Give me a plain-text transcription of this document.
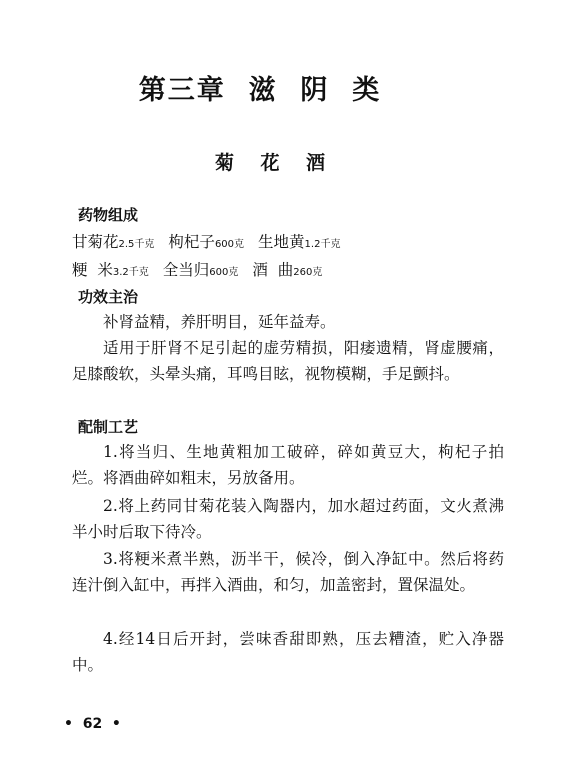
第三章  滋  阴  类
菊    花    酒
药物组成
甘菊花2.5千克 枸杞子600克 生地黄1.2千克
粳  米3.2千克 全当归600克 酒  曲260克
功效主治
补肾益精，养肝明目，延年益寿。
适用于肝肾不足引起的虚劳精损，阳痿遗精，肾虚腰痛，足膝酸软，头晕头痛，耳鸣目眩，视物模糊，手足颤抖。
配制工艺
1.将当归、生地黄粗加工破碎，碎如黄豆大，枸杞子拍烂。将酒曲碎如粗末，另放备用。
2.将上药同甘菊花装入陶器内，加水超过药面，文火煮沸半小时后取下待冷。
3.将粳米煮半熟，沥半干，候冷，倒入净缸中。然后将药连汁倒入缸中，再拌入酒曲，和匀，加盖密封，置保温处。
4.经14日后开封，尝味香甜即熟，压去糟渣，贮入净器中。
•  62  •
